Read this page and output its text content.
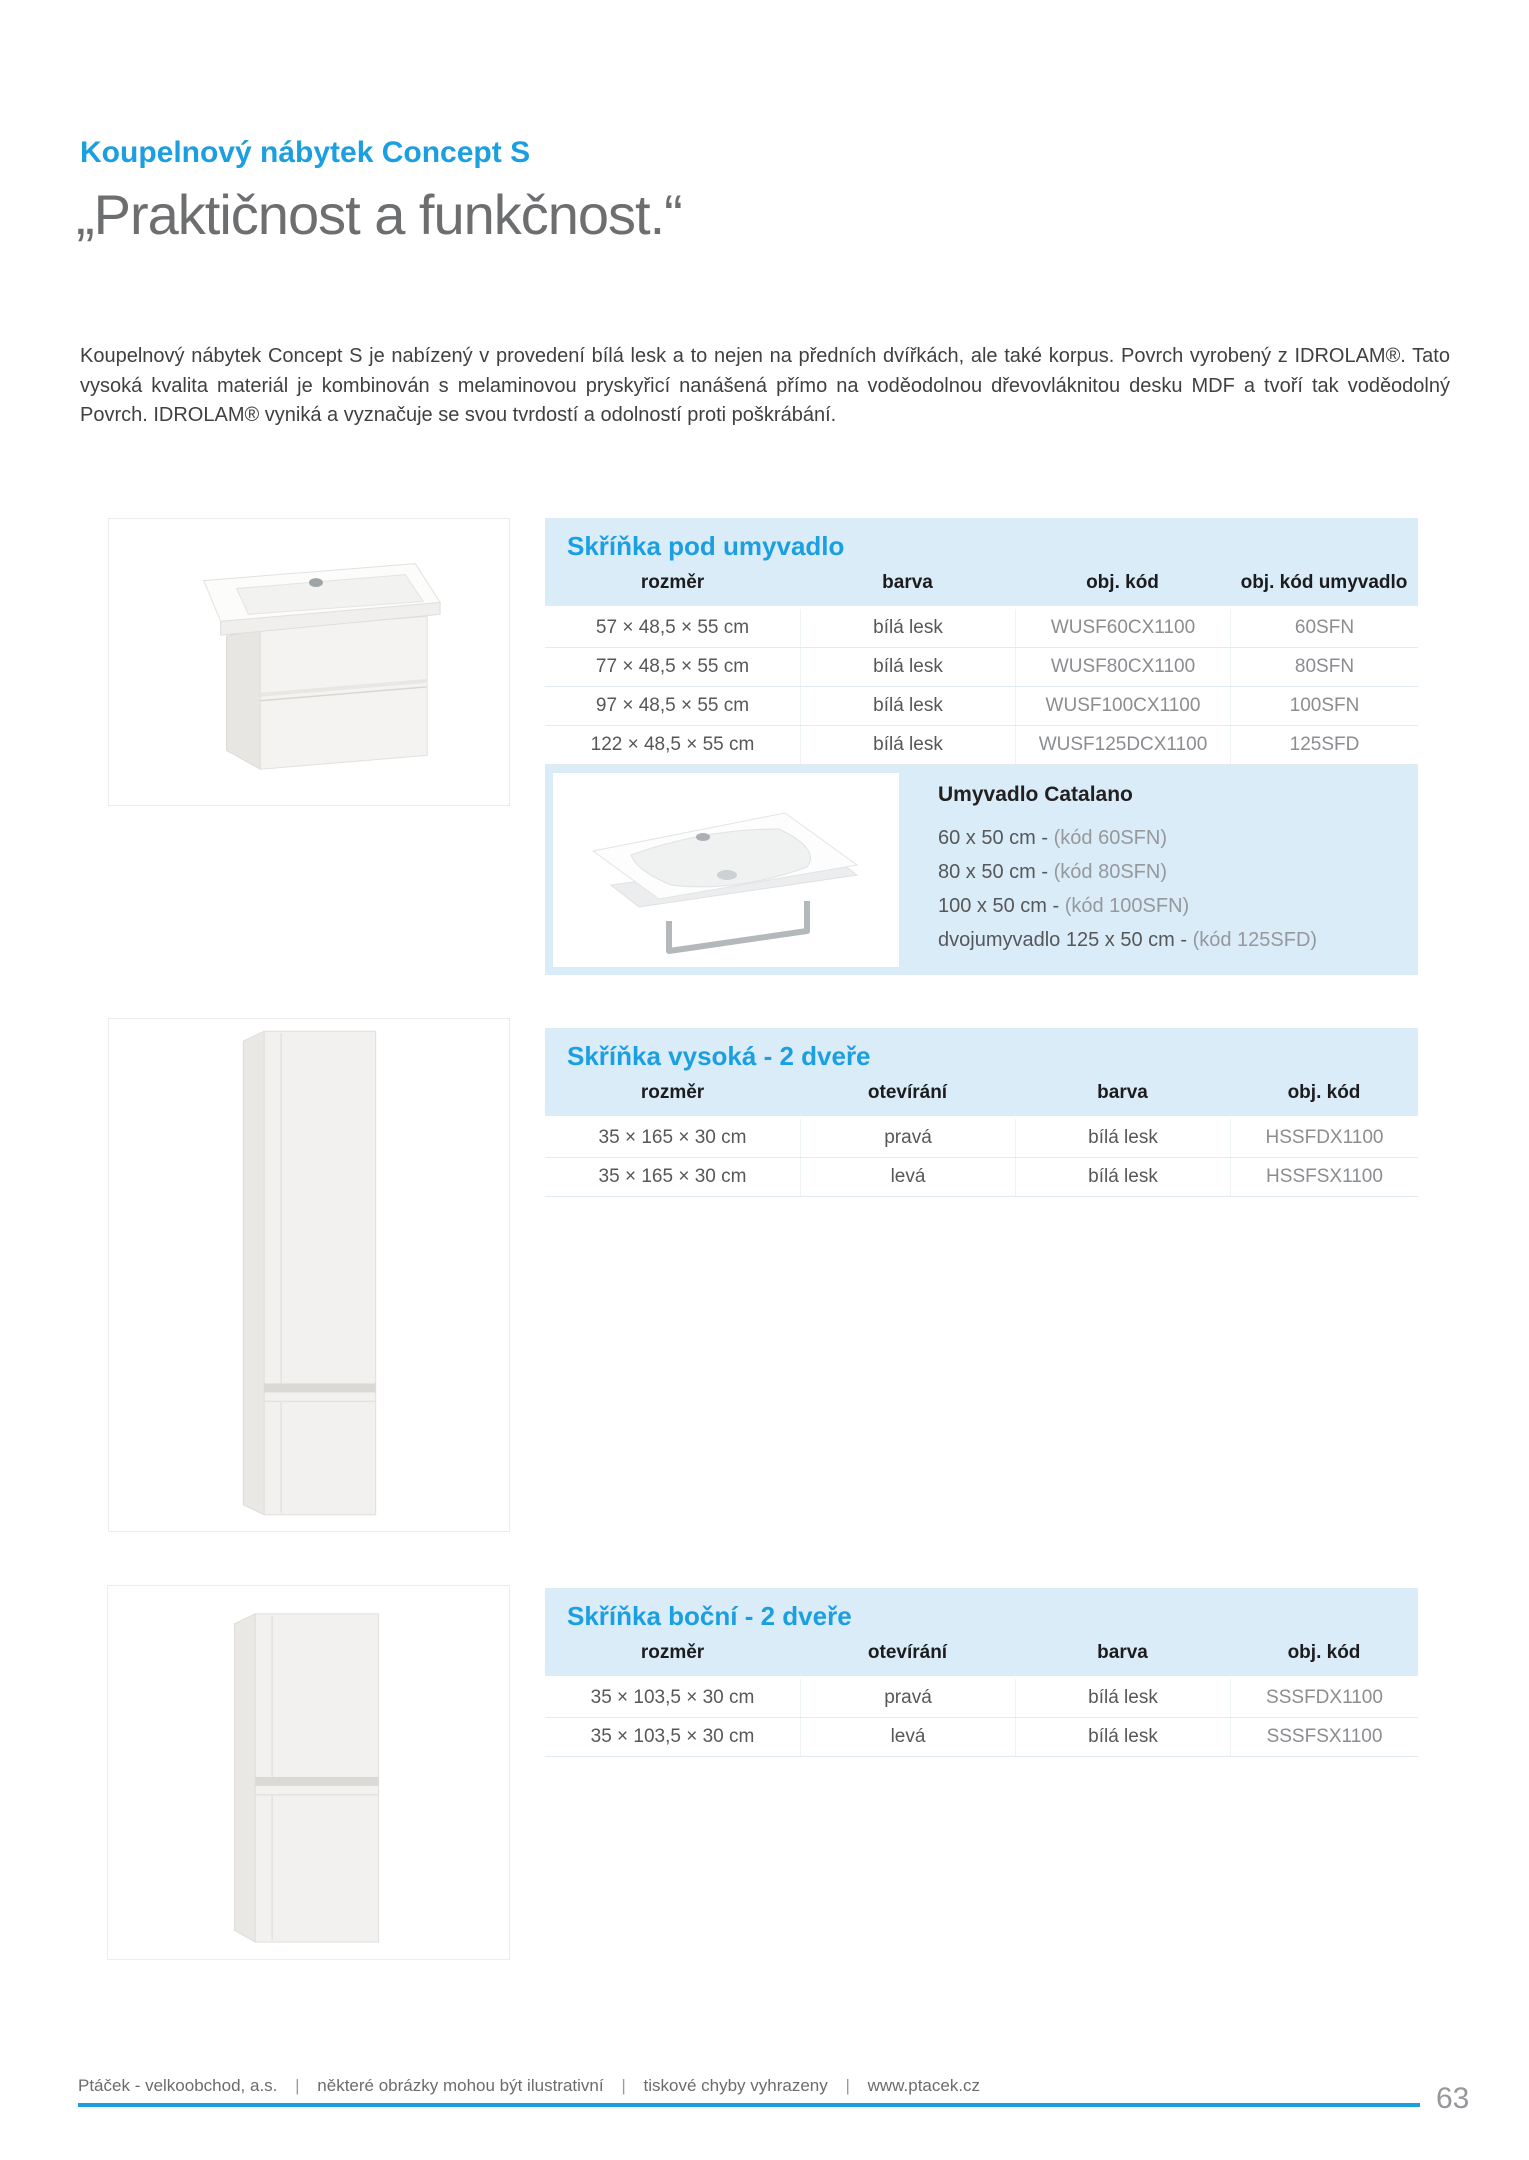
Koupelnový nábytek Concept S
„Praktičnost a funkčnost.“

Koupelnový nábytek Concept S je nabízený v provedení bílá lesk a to nejen na předních dvířkách, ale také korpus. Povrch vyrobený z IDROLAM®. Tato vysoká kvalita materiál je kombinován s melaminovou pryskyřicí nanášená přímo na voděodolnou dřevovláknitou desku MDF a tvoří tak voděodolný Povrch. IDROLAM® vyniká a vyznačuje se svou tvrdostí a odolností proti poškrábání.

Skříňka pod umyvadlo
rozměr	barva	obj. kód	obj. kód umyvadlo
57 × 48,5 × 55 cm	bílá lesk	WUSF60CX1100	60SFN
77 × 48,5 × 55 cm	bílá lesk	WUSF80CX1100	80SFN
97 × 48,5 × 55 cm	bílá lesk	WUSF100CX1100	100SFN
122 × 48,5 × 55 cm	bílá lesk	WUSF125DCX1100	125SFD
Umyvadlo Catalano
60 x 50 cm - (kód 60SFN)
80 x 50 cm - (kód 80SFN)
100 x 50 cm - (kód 100SFN)
dvojumyvadlo 125 x 50 cm - (kód 125SFD)
Skříňka vysoká - 2 dveře
rozměr	otevírání	barva	obj. kód
35 × 165 × 30 cm	pravá	bílá lesk	HSSFDX1100
35 × 165 × 30 cm	levá	bílá lesk	HSSFSX1100
Skříňka boční - 2 dveře
rozměr	otevírání	barva	obj. kód
35 × 103,5 × 30 cm	pravá	bílá lesk	SSSFDX1100
35 × 103,5 × 30 cm	levá	bílá lesk	SSSFSX1100
Ptáček - velkoobchod, a.s. | některé obrázky mohou být ilustrativní | tiskové chyby vyhrazeny | www.ptacek.cz	63
